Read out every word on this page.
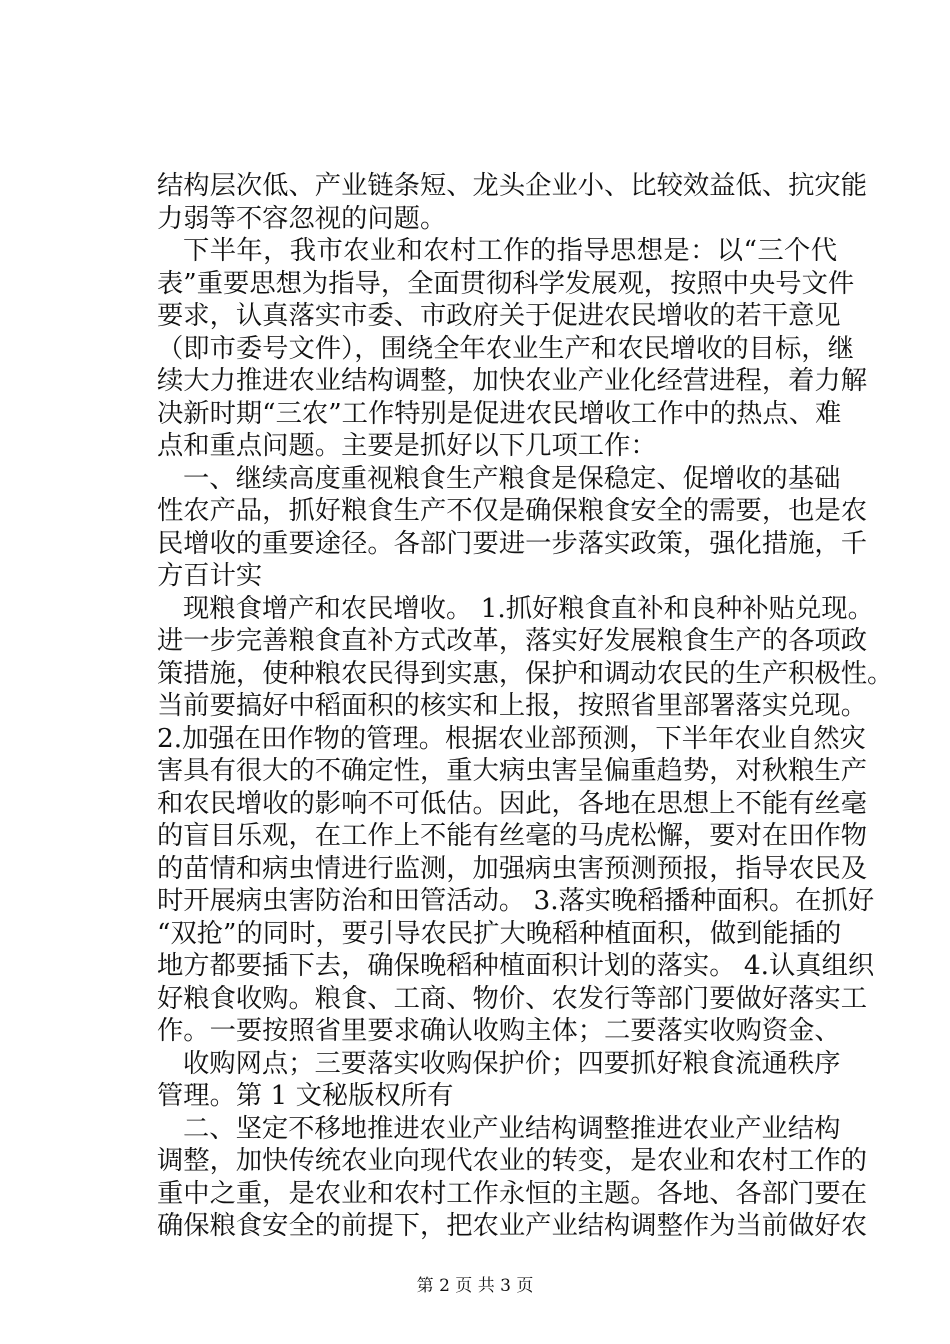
结构层次低、产业链条短、龙头企业小、比较效益低、抗灾能
力弱等不容忽视的问题。
下半年，我市农业和农村工作的指导思想是：以“三个代
表”重要思想为指导，全面贯彻科学发展观，按照中央号文件
要求，认真落实市委、市政府关于促进农民增收的若干意见
（即市委号文件），围绕全年农业生产和农民增收的目标，继
续大力推进农业结构调整，加快农业产业化经营进程，着力解
决新时期“三农”工作特别是促进农民增收工作中的热点、难
点和重点问题。主要是抓好以下几项工作：
一、继续高度重视粮食生产粮食是保稳定、促增收的基础
性农产品，抓好粮食生产不仅是确保粮食安全的需要，也是农
民增收的重要途径。各部门要进一步落实政策，强化措施，千
方百计实
现粮食增产和农民增收。 1.抓好粮食直补和良种补贴兑现。
进一步完善粮食直补方式改革，落实好发展粮食生产的各项政
策措施，使种粮农民得到实惠，保护和调动农民的生产积极性。
当前要搞好中稻面积的核实和上报，按照省里部署落实兑现。
2.加强在田作物的管理。根据农业部预测，下半年农业自然灾
害具有很大的不确定性，重大病虫害呈偏重趋势，对秋粮生产
和农民增收的影响不可低估。因此，各地在思想上不能有丝毫
的盲目乐观，在工作上不能有丝毫的马虎松懈，要对在田作物
的苗情和病虫情进行监测，加强病虫害预测预报，指导农民及
时开展病虫害防治和田管活动。 3.落实晚稻播种面积。在抓好
“双抢”的同时，要引导农民扩大晚稻种植面积，做到能插的
地方都要插下去，确保晚稻种植面积计划的落实。 4.认真组织
好粮食收购。粮食、工商、物价、农发行等部门要做好落实工
作。一要按照省里要求确认收购主体；二要落实收购资金、
收购网点；三要落实收购保护价；四要抓好粮食流通秩序
管理。第 1 文秘版权所有
二、坚定不移地推进农业产业结构调整推进农业产业结构
调整，加快传统农业向现代农业的转变，是农业和农村工作的
重中之重，是农业和农村工作永恒的主题。各地、各部门要在
确保粮食安全的前提下，把农业产业结构调整作为当前做好农
第 2 页 共 3 页
